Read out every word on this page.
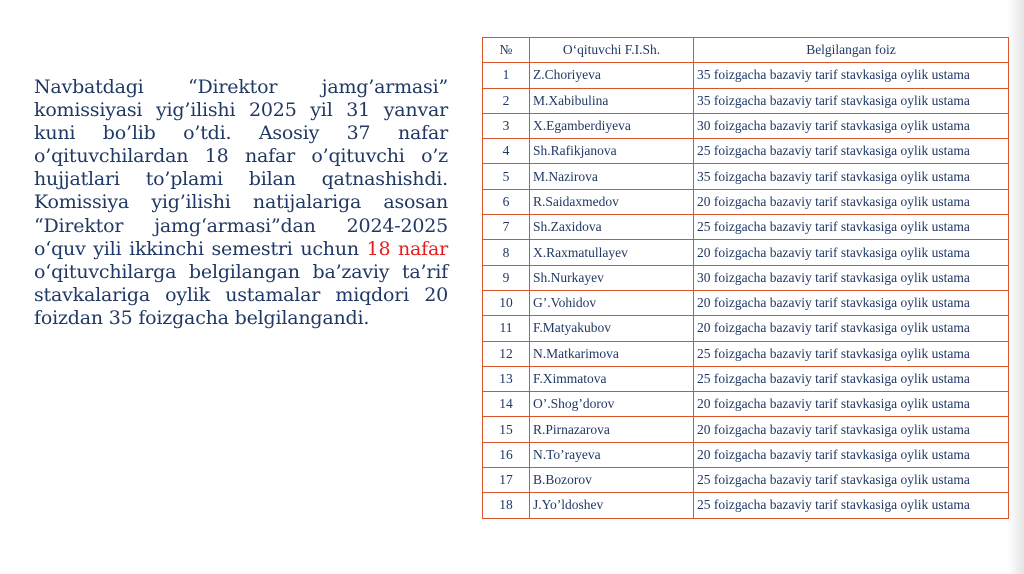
Navbatdagi “Direktor jamg’armasi” komissiyasi yig’ilishi 2025 yil 31 yanvar kuni bo’lib o’tdi. Asosiy 37 nafar o’qituvchilardan 18 nafar o’qituvchi o’z hujjatlari to’plami bilan qatnashishdi. Komissiya yig’ilishi natijalariga asosan “Direktor jamg‘armasi”dan 2024-2025 o‘quv yili ikkinchi semestri uchun 18 nafar o‘qituvchilarga belgilangan ba’zaviy ta’rif stavkalariga oylik ustamalar miqdori 20 foizdan 35 foizgacha belgilangandi.

№	O‘qituvchi F.I.Sh.	Belgilangan foiz
1	Z.Choriyeva	35 foizgacha bazaviy tarif stavkasiga oylik ustama
2	M.Xabibulina	35 foizgacha bazaviy tarif stavkasiga oylik ustama
3	X.Egamberdiyeva	30 foizgacha bazaviy tarif stavkasiga oylik ustama
4	Sh.Rafikjanova	25 foizgacha bazaviy tarif stavkasiga oylik ustama
5	M.Nazirova	35 foizgacha bazaviy tarif stavkasiga oylik ustama
6	R.Saidaxmedov	20 foizgacha bazaviy tarif stavkasiga oylik ustama
7	Sh.Zaxidova	25 foizgacha bazaviy tarif stavkasiga oylik ustama
8	X.Raxmatullayev	20 foizgacha bazaviy tarif stavkasiga oylik ustama
9	Sh.Nurkayev	30 foizgacha bazaviy tarif stavkasiga oylik ustama
10	G’.Vohidov	20 foizgacha bazaviy tarif stavkasiga oylik ustama
11	F.Matyakubov	20 foizgacha bazaviy tarif stavkasiga oylik ustama
12	N.Matkarimova	25 foizgacha bazaviy tarif stavkasiga oylik ustama
13	F.Ximmatova	25 foizgacha bazaviy tarif stavkasiga oylik ustama
14	O’.Shog’dorov	20 foizgacha bazaviy tarif stavkasiga oylik ustama
15	R.Pirnazarova	20 foizgacha bazaviy tarif stavkasiga oylik ustama
16	N.To’rayeva	20 foizgacha bazaviy tarif stavkasiga oylik ustama
17	B.Bozorov	25 foizgacha bazaviy tarif stavkasiga oylik ustama
18	J.Yo’ldoshev	25 foizgacha bazaviy tarif stavkasiga oylik ustama
